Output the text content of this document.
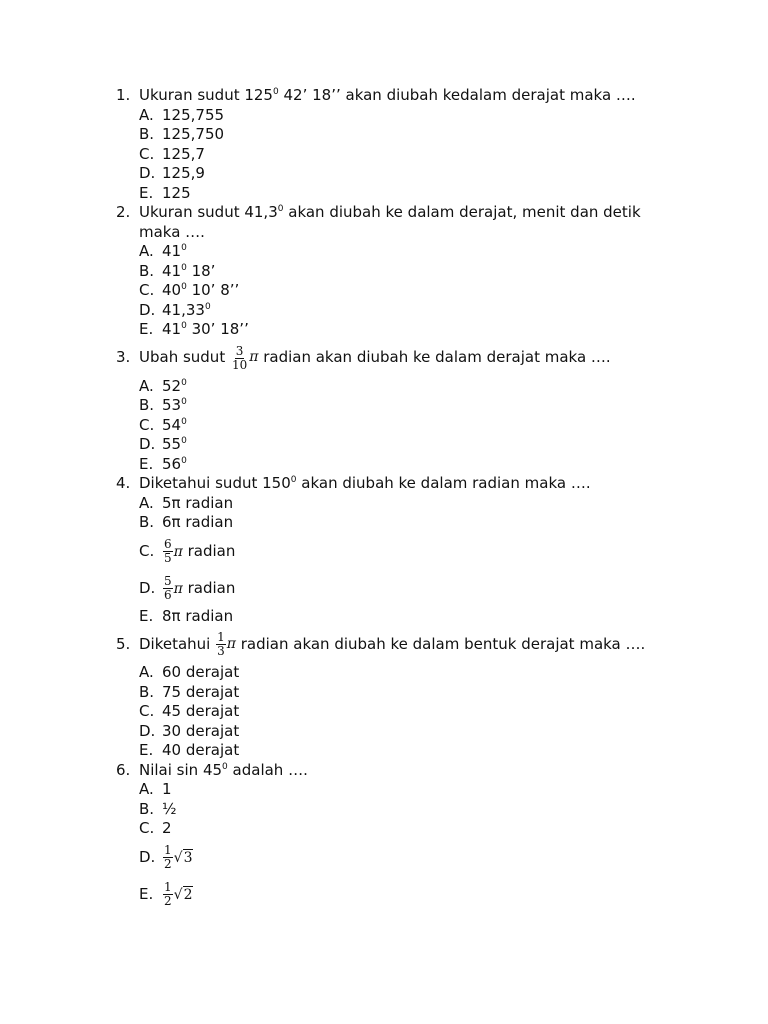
1. Ukuran sudut $125^0$ 42’ 18’’ akan diubah kedalam derajat maka ….
A. 125,755
B. 125,750
C. 125,7
D. 125,9
E. 125
2. Ukuran sudut 41,3$^0$ akan diubah ke dalam derajat, menit dan detik maka ….
A. $41^0$
B. $41^0$ 18’
C. $40^0$ 10’ 8’’
D. 41,33$^0$
E. $41^0$ 30’ 18’’
3. Ubah sudut $\frac{3}{10}$ π radian akan diubah ke dalam derajat maka ….
A. $52^0$
B. $53^0$
C. $54^0$
D. $55^0$
E. $56^0$
4. Diketahui sudut $150^0$ akan diubah ke dalam radian maka ….
A. 5π radian
B. 6π radian
C. $\frac{6}{5}$ π radian
D. $\frac{5}{6}$ π radian
E. 8π radian
5. Diketahui $\frac{1}{3}$ π radian akan diubah ke dalam bentuk derajat maka ….
A. 60 derajat
B. 75 derajat
C. 45 derajat
D. 30 derajat
E. 40 derajat
6. Nilai $\sin 45^0$ adalah ….
A. 1
B. ½
C. 2
D. $\frac{1}{2} √3$
E. $\frac{1}{2} √2$
